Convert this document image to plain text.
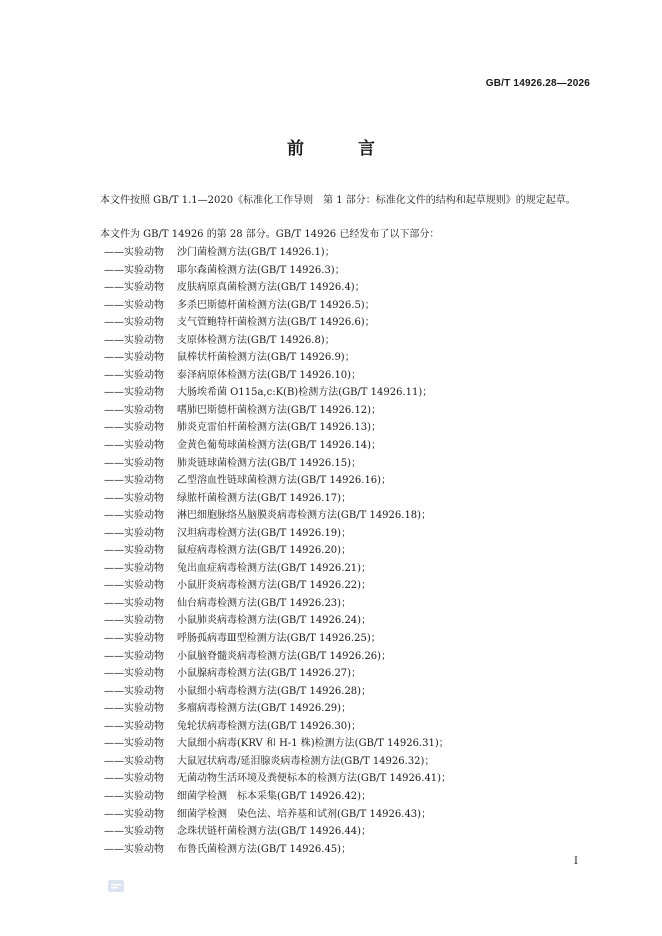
GB/T 14926.28—2026
前 言
本文件按照 GB/T 1.1—2020《标准化工作导则　第 1 部分：标准化文件的结构和起草规则》的规定起草。
本文件为 GB/T 14926 的第 28 部分。GB/T 14926 已经发布了以下部分：
——实验动物 沙门菌检测方法(GB/T 14926.1)；
——实验动物 耶尔森菌检测方法(GB/T 14926.3)；
——实验动物 皮肤病原真菌检测方法(GB/T 14926.4)；
——实验动物 多杀巴斯德杆菌检测方法(GB/T 14926.5)；
——实验动物 支气管鲍特杆菌检测方法(GB/T 14926.6)；
——实验动物 支原体检测方法(GB/T 14926.8)；
——实验动物 鼠棒状杆菌检测方法(GB/T 14926.9)；
——实验动物 泰泽病原体检测方法(GB/T 14926.10)；
——实验动物 大肠埃希菌 O115a,c:K(B)检测方法(GB/T 14926.11)；
——实验动物 嗜肺巴斯德杆菌检测方法(GB/T 14926.12)；
——实验动物 肺炎克雷伯杆菌检测方法(GB/T 14926.13)；
——实验动物 金黄色葡萄球菌检测方法(GB/T 14926.14)；
——实验动物 肺炎链球菌检测方法(GB/T 14926.15)；
——实验动物 乙型溶血性链球菌检测方法(GB/T 14926.16)；
——实验动物 绿脓杆菌检测方法(GB/T 14926.17)；
——实验动物 淋巴细胞脉络丛脑膜炎病毒检测方法(GB/T 14926.18)；
——实验动物 汉坦病毒检测方法(GB/T 14926.19)；
——实验动物 鼠痘病毒检测方法(GB/T 14926.20)；
——实验动物 兔出血症病毒检测方法(GB/T 14926.21)；
——实验动物 小鼠肝炎病毒检测方法(GB/T 14926.22)；
——实验动物 仙台病毒检测方法(GB/T 14926.23)；
——实验动物 小鼠肺炎病毒检测方法(GB/T 14926.24)；
——实验动物 呼肠孤病毒Ⅲ型检测方法(GB/T 14926.25)；
——实验动物 小鼠脑脊髓炎病毒检测方法(GB/T 14926.26)；
——实验动物 小鼠腺病毒检测方法(GB/T 14926.27)；
——实验动物 小鼠细小病毒检测方法(GB/T 14926.28)；
——实验动物 多瘤病毒检测方法(GB/T 14926.29)；
——实验动物 兔轮状病毒检测方法(GB/T 14926.30)；
——实验动物 大鼠细小病毒(KRV 和 H-1 株)检测方法(GB/T 14926.31)；
——实验动物 大鼠冠状病毒/延泪腺炎病毒检测方法(GB/T 14926.32)；
——实验动物 无菌动物生活环境及粪便标本的检测方法(GB/T 14926.41)；
——实验动物 细菌学检测　标本采集(GB/T 14926.42)；
——实验动物 细菌学检测　染色法、培养基和试剂(GB/T 14926.43)；
——实验动物 念珠状链杆菌检测方法(GB/T 14926.44)；
——实验动物 布鲁氏菌检测方法(GB/T 14926.45)；
Ⅰ
